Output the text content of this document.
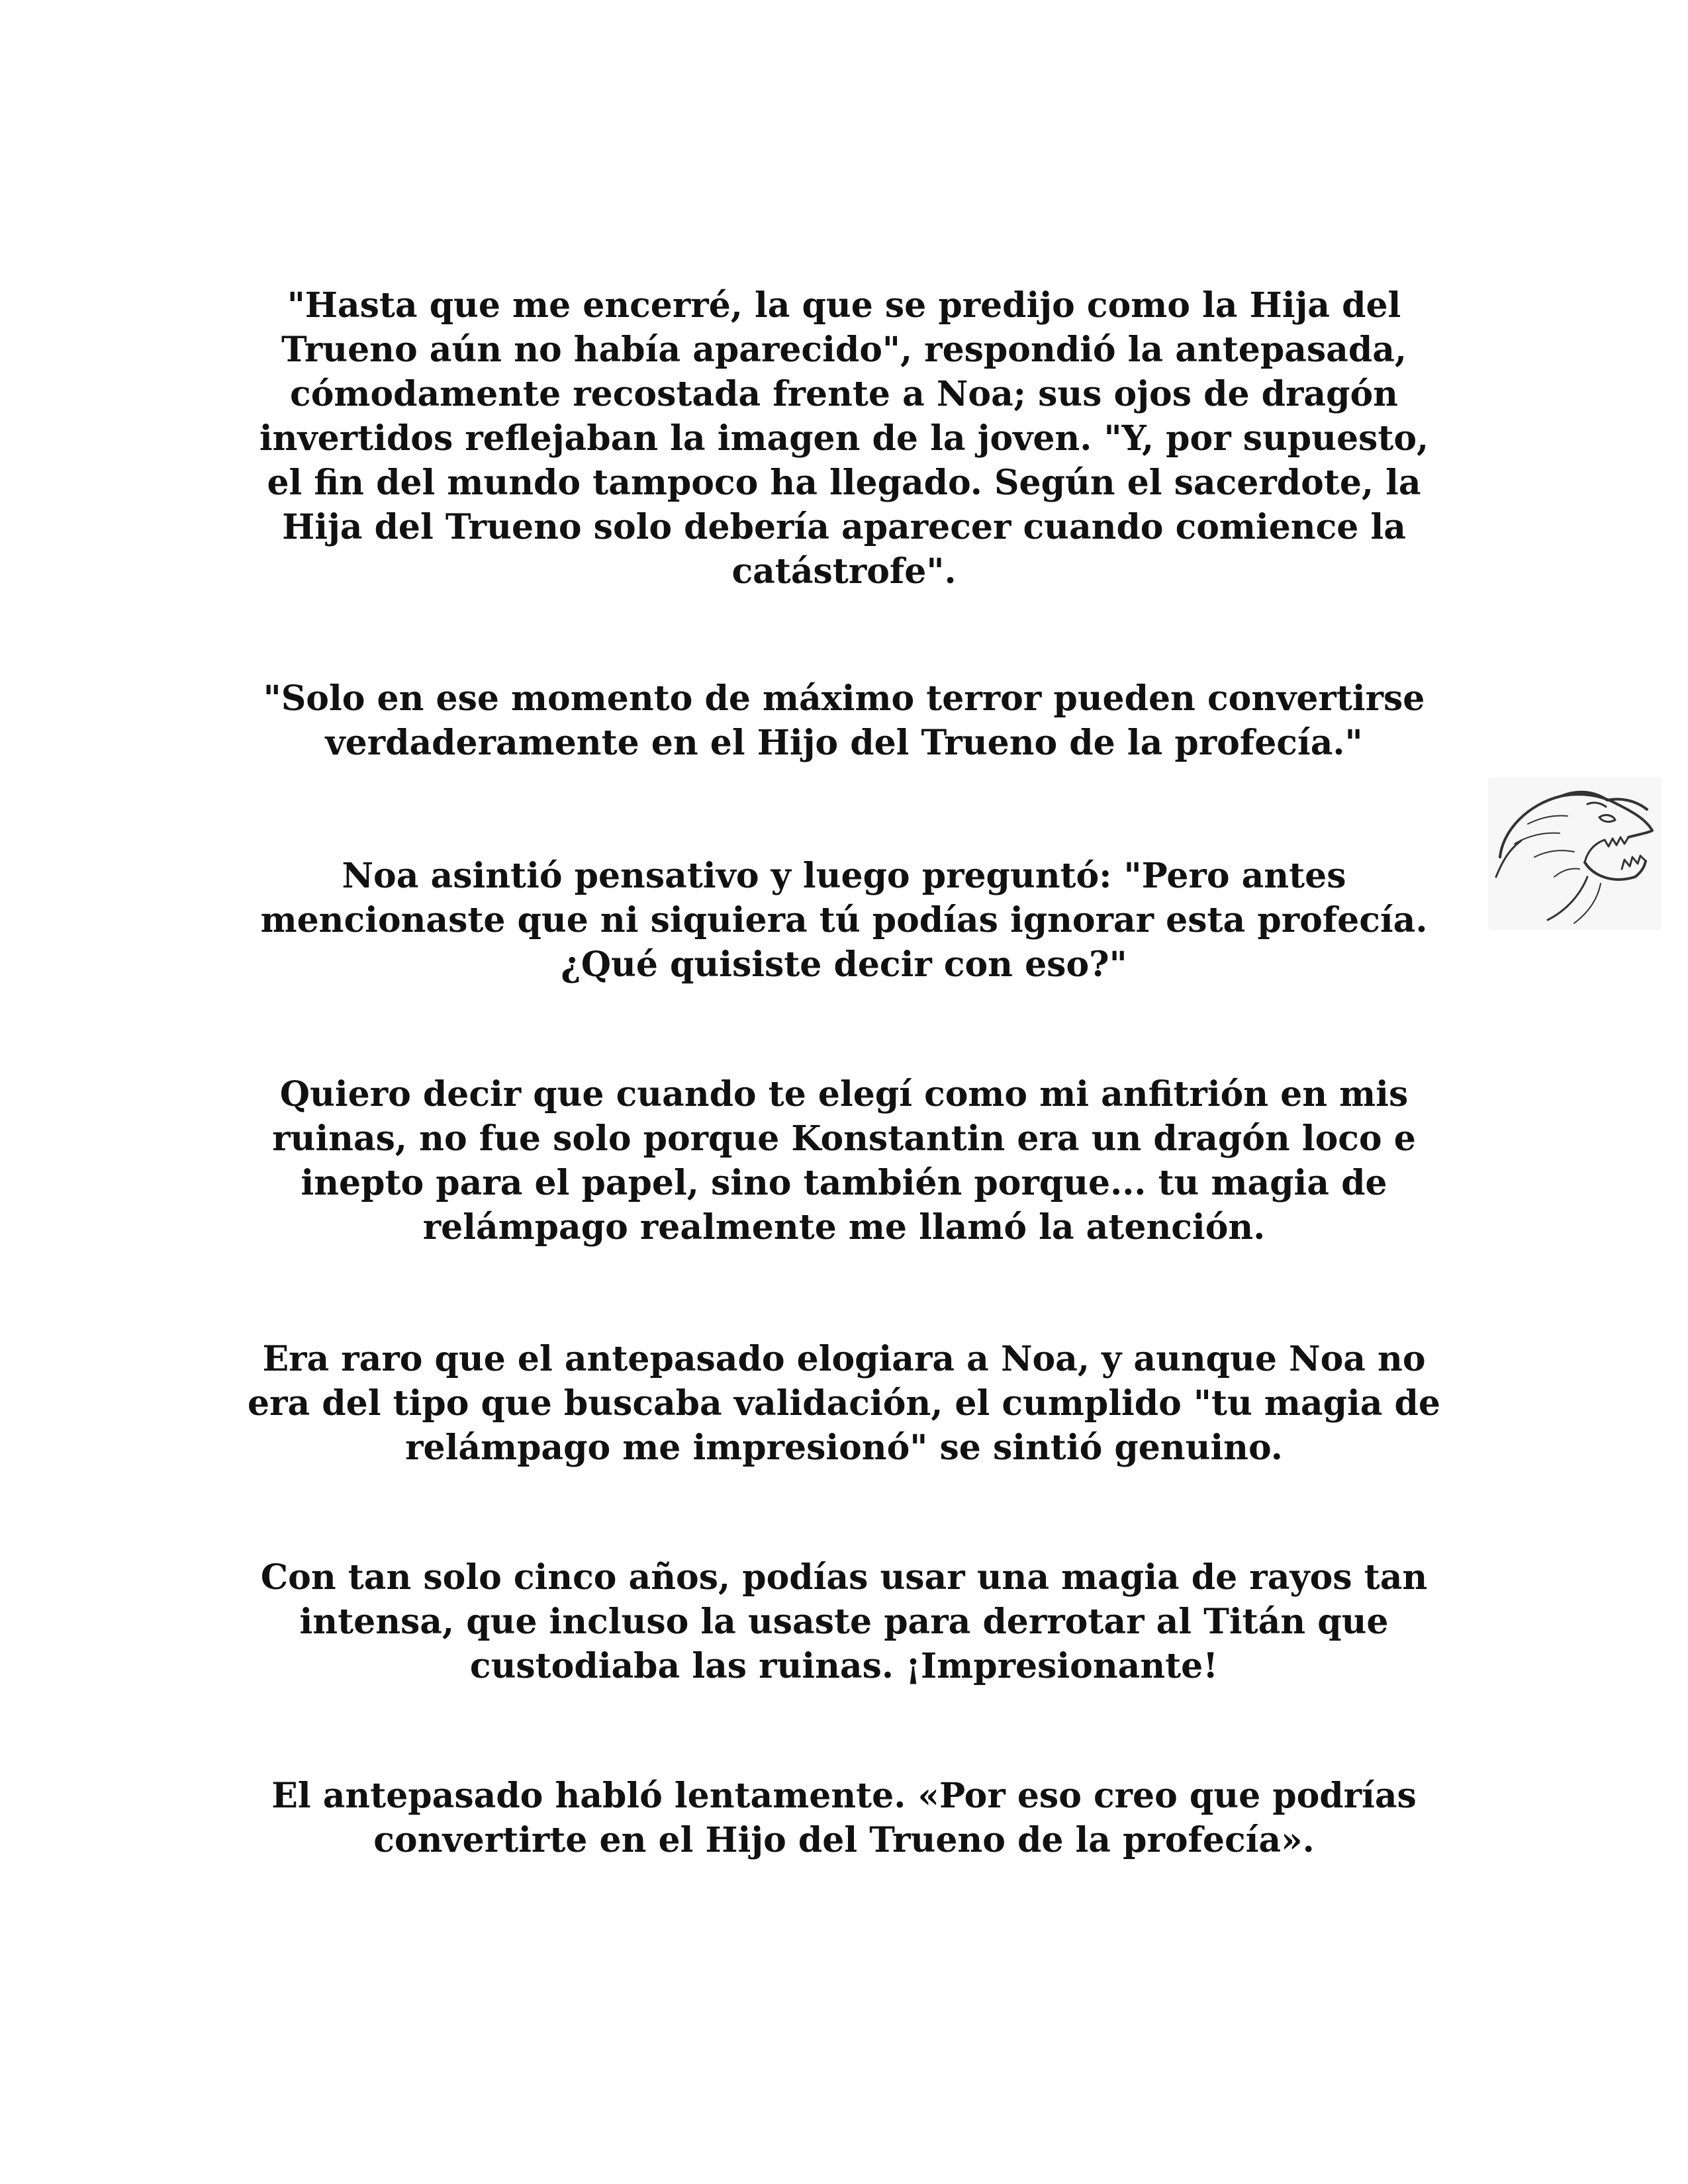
"Hasta que me encerré, la que se predijo como la Hija del
Trueno aún no había aparecido", respondió la antepasada,
cómodamente recostada frente a Noa; sus ojos de dragón
invertidos reflejaban la imagen de la joven. "Y, por supuesto,
el fin del mundo tampoco ha llegado. Según el sacerdote, la
Hija del Trueno solo debería aparecer cuando comience la
catástrofe".

"Solo en ese momento de máximo terror pueden convertirse
verdaderamente en el Hijo del Trueno de la profecía."

Noa asintió pensativo y luego preguntó: "Pero antes
mencionaste que ni siquiera tú podías ignorar esta profecía.
¿Qué quisiste decir con eso?"

Quiero decir que cuando te elegí como mi anfitrión en mis
ruinas, no fue solo porque Konstantin era un dragón loco e
inepto para el papel, sino también porque... tu magia de
relámpago realmente me llamó la atención.

Era raro que el antepasado elogiara a Noa, y aunque Noa no
era del tipo que buscaba validación, el cumplido "tu magia de
relámpago me impresionó" se sintió genuino.

Con tan solo cinco años, podías usar una magia de rayos tan
intensa, que incluso la usaste para derrotar al Titán que
custodiaba las ruinas. ¡Impresionante!

El antepasado habló lentamente. «Por eso creo que podrías
convertirte en el Hijo del Trueno de la profecía».
